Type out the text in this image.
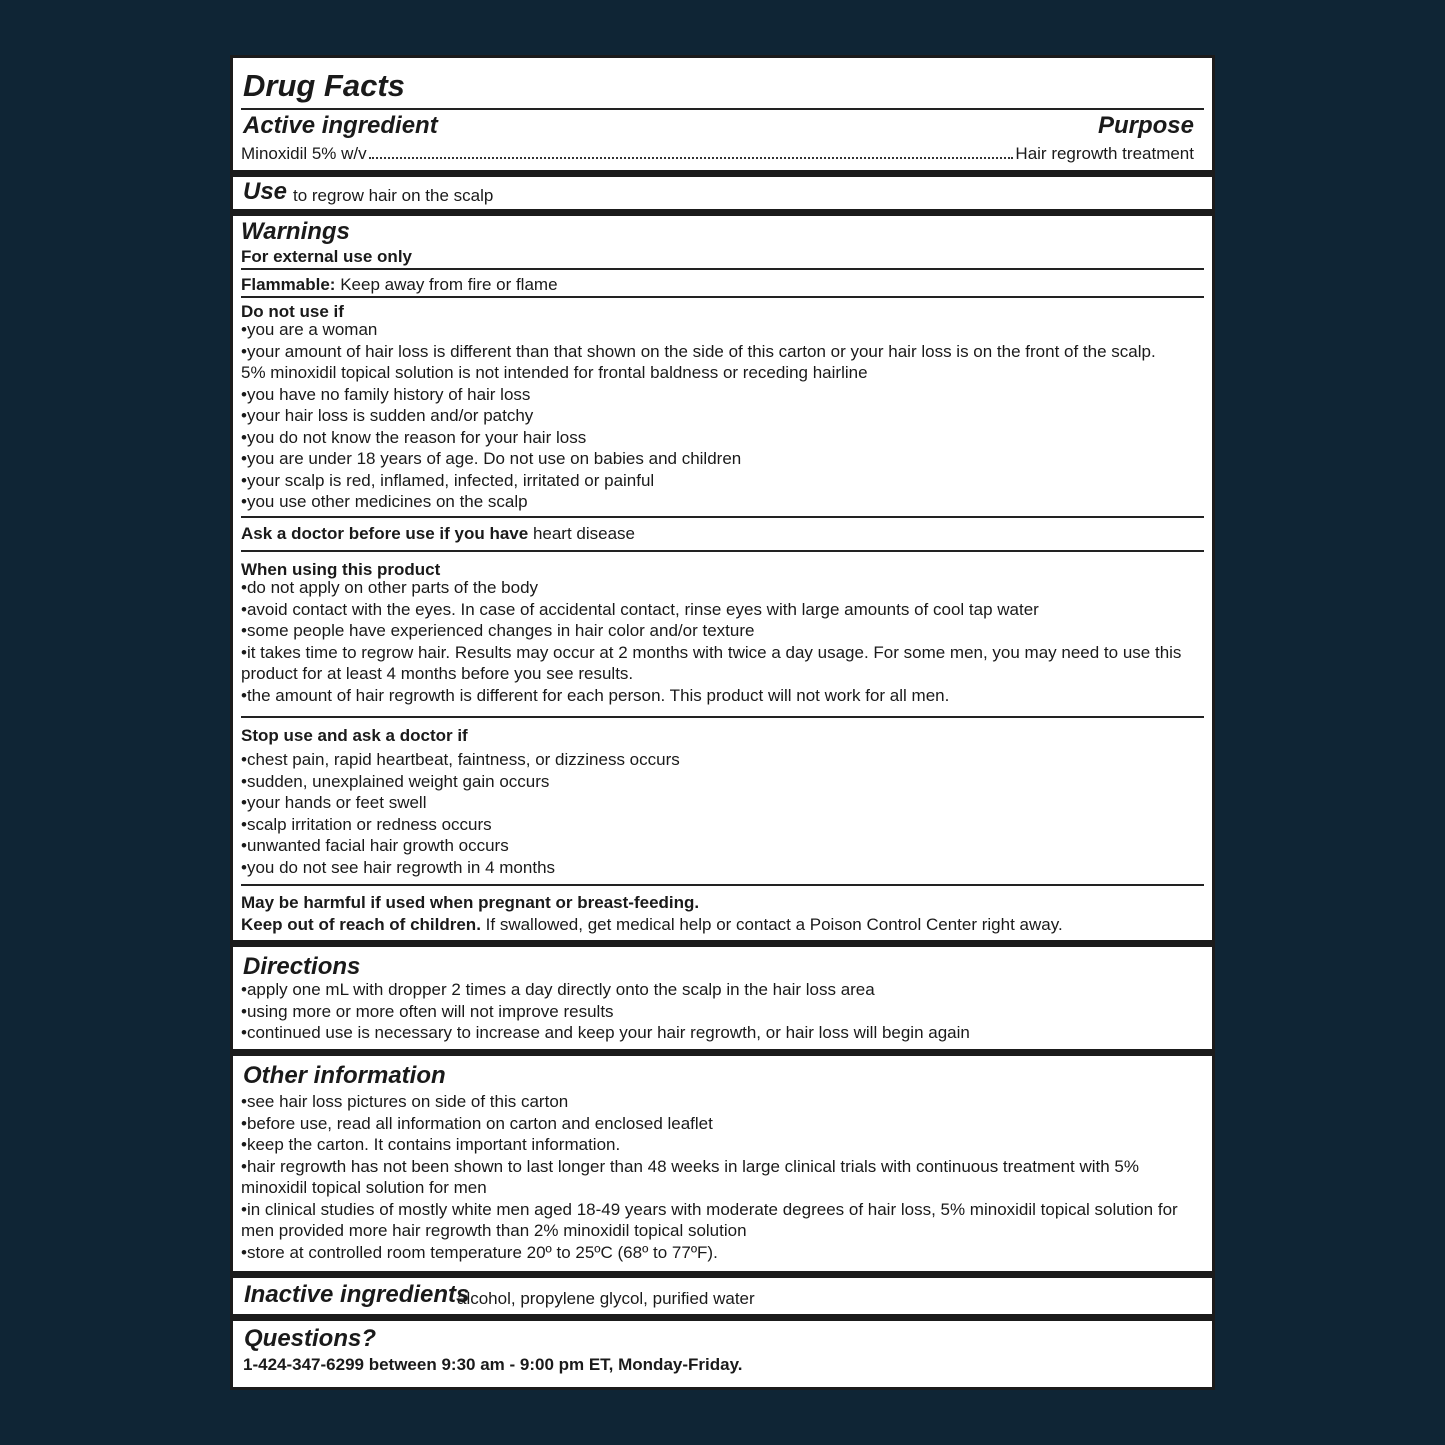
Drug Facts
Active ingredient	Purpose
Minoxidil 5% w/v	Hair regrowth treatment
Use to regrow hair on the scalp
Warnings
For external use only
Flammable: Keep away from fire or flame
Do not use if
• you are a woman
• your amount of hair loss is different than that shown on the side of this carton or your hair loss is on the front of the scalp.
5% minoxidil topical solution is not intended for frontal baldness or receding hairline
• you have no family history of hair loss
• your hair loss is sudden and/or patchy
• you do not know the reason for your hair loss
• you are under 18 years of age. Do not use on babies and children
• your scalp is red, inflamed, infected, irritated or painful
• you use other medicines on the scalp
Ask a doctor before use if you have heart disease
When using this product
• do not apply on other parts of the body
• avoid contact with the eyes. In case of accidental contact, rinse eyes with large amounts of cool tap water
• some people have experienced changes in hair color and/or texture
• it takes time to regrow hair. Results may occur at 2 months with twice a day usage. For some men, you may need to use this
product for at least 4 months before you see results.
• the amount of hair regrowth is different for each person. This product will not work for all men.
Stop use and ask a doctor if
• chest pain, rapid heartbeat, faintness, or dizziness occurs
• sudden, unexplained weight gain occurs
• your hands or feet swell
• scalp irritation or redness occurs
• unwanted facial hair growth occurs
• you do not see hair regrowth in 4 months
May be harmful if used when pregnant or breast-feeding.
Keep out of reach of children. If swallowed, get medical help or contact a Poison Control Center right away.
Directions
• apply one mL with dropper 2 times a day directly onto the scalp in the hair loss area
• using more or more often will not improve results
• continued use is necessary to increase and keep your hair regrowth, or hair loss will begin again
Other information
• see hair loss pictures on side of this carton
• before use, read all information on carton and enclosed leaflet
• keep the carton. It contains important information.
• hair regrowth has not been shown to last longer than 48 weeks in large clinical trials with continuous treatment with 5%
minoxidil topical solution for men
• in clinical studies of mostly white men aged 18-49 years with moderate degrees of hair loss, 5% minoxidil topical solution for
men provided more hair regrowth than 2% minoxidil topical solution
• store at controlled room temperature 20º to 25ºC (68º to 77ºF).
Inactive ingredients
alcohol, propylene glycol, purified water
Questions?
1-424-347-6299 between 9:30 am - 9:00 pm ET, Monday-Friday.
